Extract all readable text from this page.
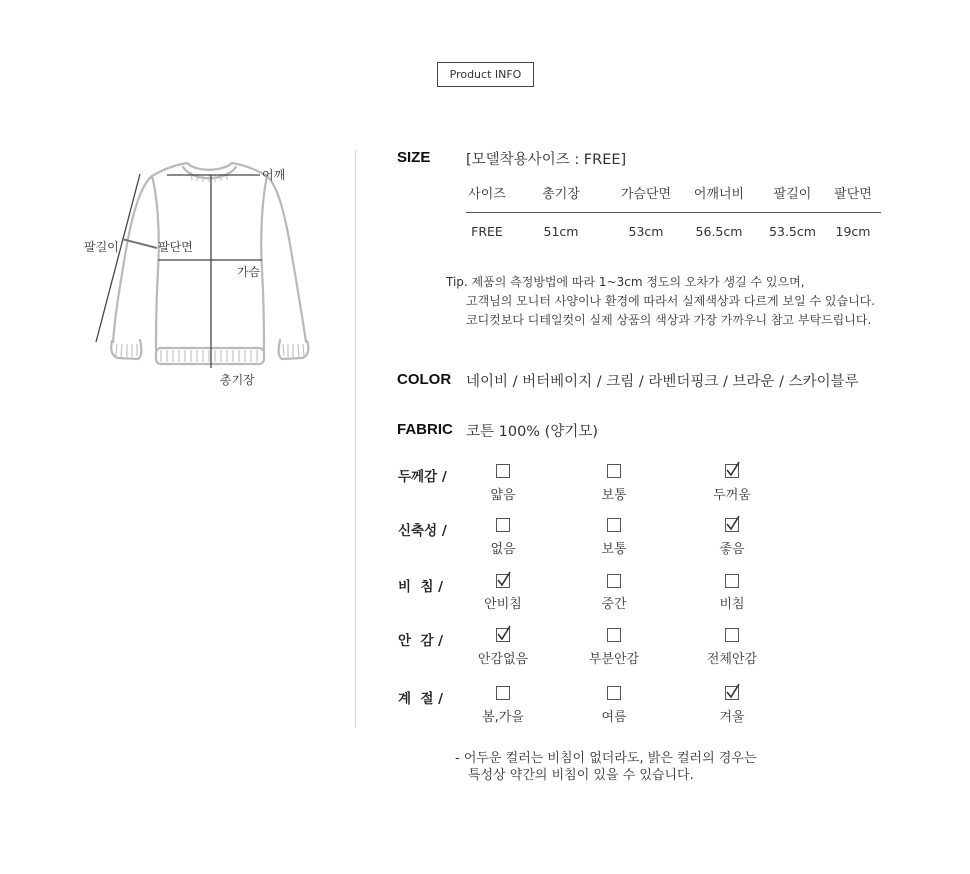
Product INFO
어깨
팔길이	팔단면
가슴
총기장
SIZE [모델착용사이즈 : FREE]
사이즈	총기장	가슴단면	어깨너비	팔길이	팔단면
FREE	51cm	53cm	56.5cm	53.5cm	19cm
Tip. 제품의 측정방법에 따라 1~3cm 정도의 오차가 생길 수 있으며,
고객님의 모니터 사양이나 환경에 따라서 실제색상과 다르게 보일 수 있습니다.
코디컷보다 디테일컷이 실제 상품의 색상과 가장 가까우니 참고 부탁드립니다.
COLOR 네이비 / 버터베이지 / 크림 / 라벤더핑크 / 브라운 / 스카이블루
FABRIC 코튼 100% (양기모)
두께감 /
얇음	보통	두꺼움
신축성 /
없음	보통	좋음
비  침 /
안비침	중간	비침
안  감 /
안감없음	부분안감	전체안감
계  절 /
봄,가을	여름	겨울
- 어두운 컬러는 비침이 없더라도, 밝은 컬러의 경우는
특성상 약간의 비침이 있을 수 있습니다.
